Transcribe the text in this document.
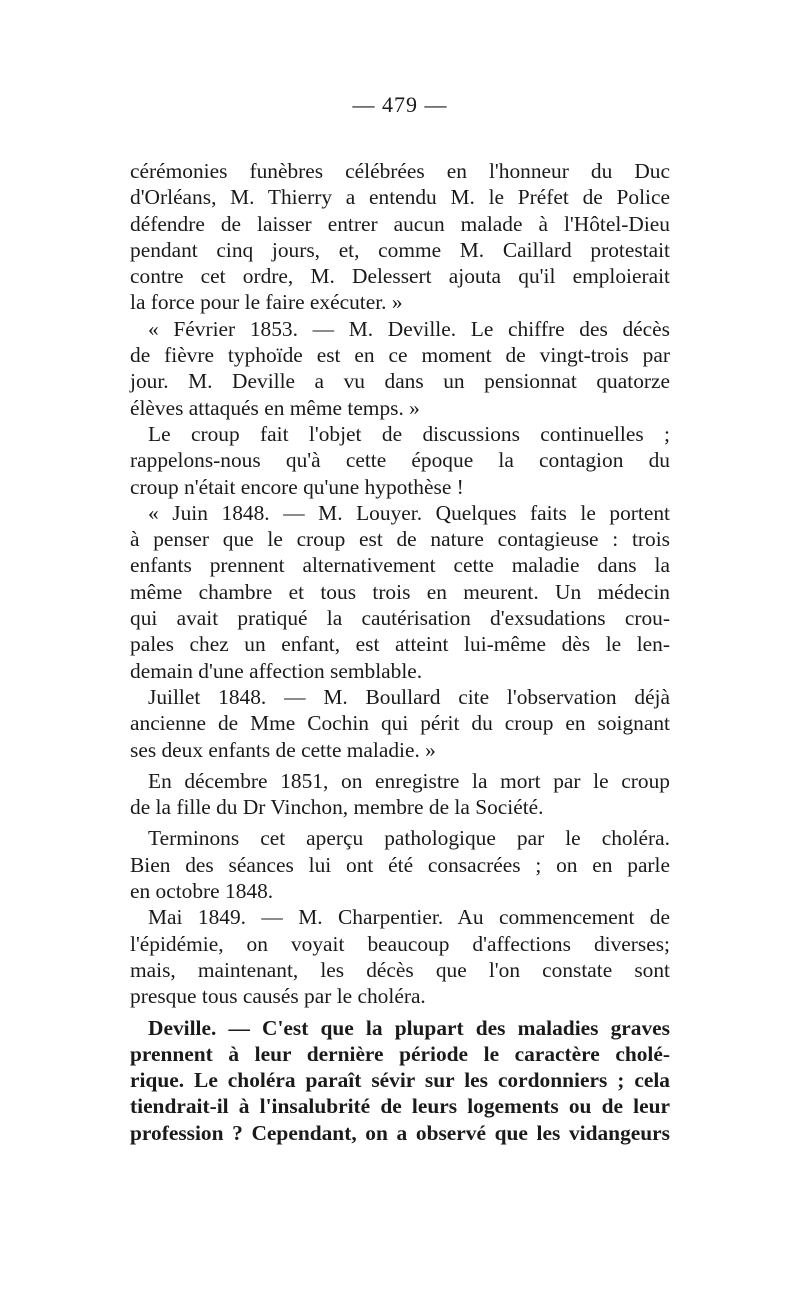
— 479 —
cérémonies funèbres célébrées en l'honneur du Duc
d'Orléans, M. Thierry a entendu M. le Préfet de Police
défendre de laisser entrer aucun malade à l'Hôtel-Dieu
pendant cinq jours, et, comme M. Caillard protestait
contre cet ordre, M. Delessert ajouta qu'il emploierait
la force pour le faire exécuter. »
« Février 1853. — M. Deville. Le chiffre des décès
de fièvre typhoïde est en ce moment de vingt-trois par
jour. M. Deville a vu dans un pensionnat quatorze
élèves attaqués en même temps. »
Le croup fait l'objet de discussions continuelles ;
rappelons-nous qu'à cette époque la contagion du
croup n'était encore qu'une hypothèse !
« Juin 1848. — M. Louyer. Quelques faits le portent
à penser que le croup est de nature contagieuse : trois
enfants prennent alternativement cette maladie dans la
même chambre et tous trois en meurent. Un médecin
qui avait pratiqué la cautérisation d'exsudations crou-
pales chez un enfant, est atteint lui-même dès le len-
demain d'une affection semblable.
Juillet 1848. — M. Boullard cite l'observation déjà
ancienne de Mme Cochin qui périt du croup en soignant
ses deux enfants de cette maladie. »
En décembre 1851, on enregistre la mort par le croup
de la fille du Dr Vinchon, membre de la Société.
Terminons cet aperçu pathologique par le choléra.
Bien des séances lui ont été consacrées ; on en parle
en octobre 1848.
Mai 1849. — M. Charpentier. Au commencement de
l'épidémie, on voyait beaucoup d'affections diverses;
mais, maintenant, les décès que l'on constate sont
presque tous causés par le choléra.
Deville. — C'est que la plupart des maladies graves
prennent à leur dernière période le caractère cholé-
rique. Le choléra paraît sévir sur les cordonniers ; cela
tiendrait-il à l'insalubrité de leurs logements ou de leur
profession ? Cependant, on a observé que les vidangeurs
